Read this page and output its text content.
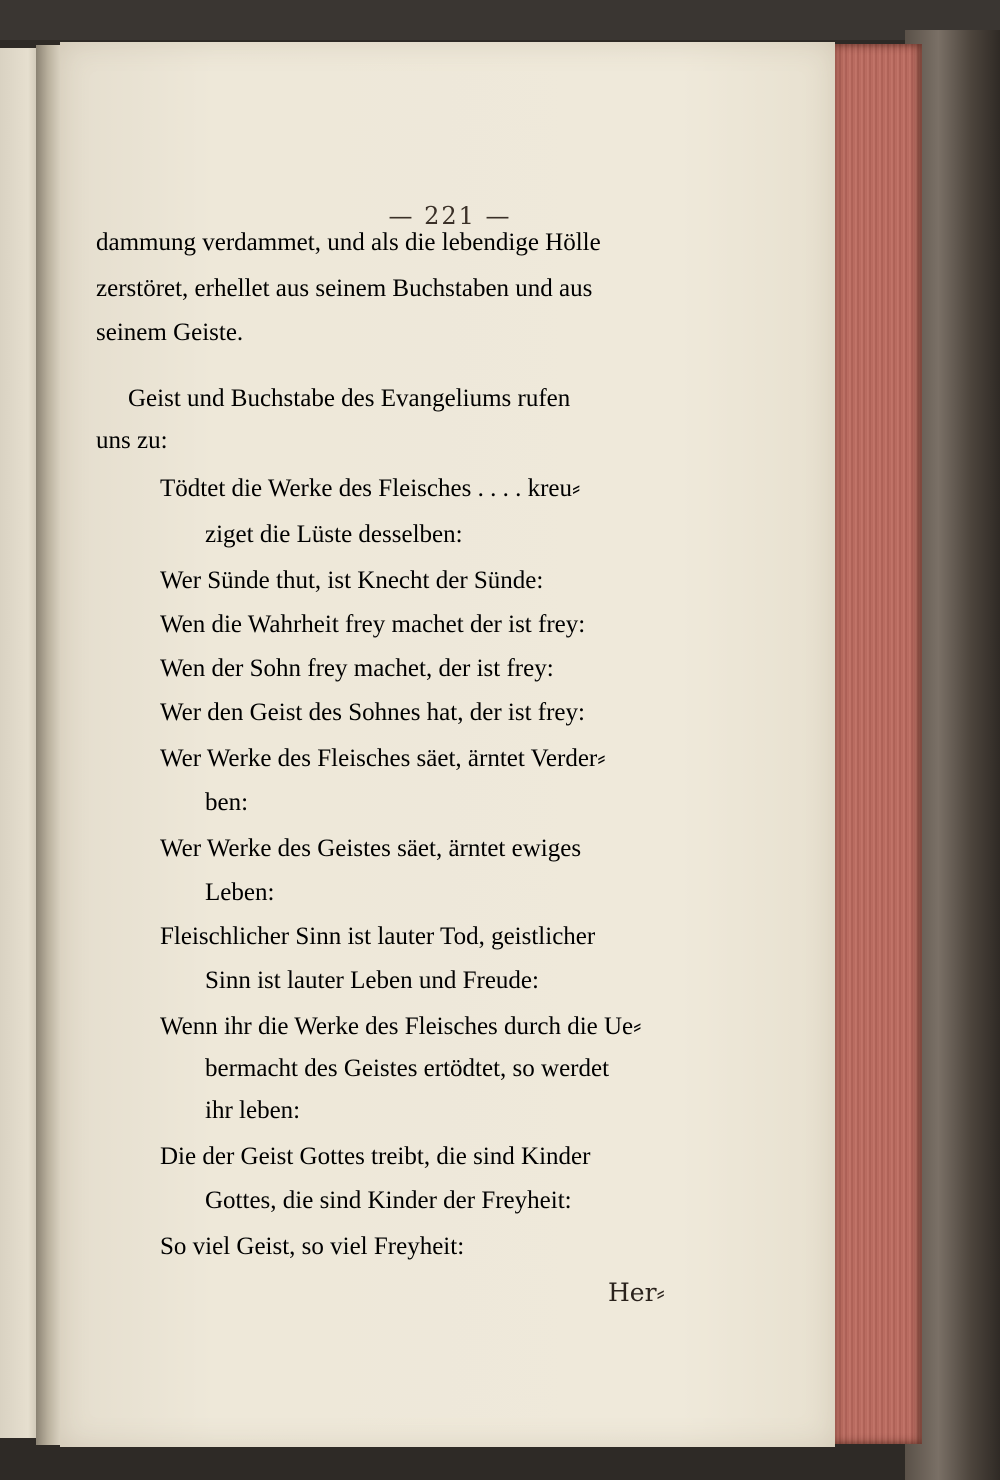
— 221 —
dammung verdammet, und als die lebendige Hölle
zerstöret, erhellet aus seinem Buchstaben und aus
seinem Geiste.
Geist und Buchstabe des Evangeliums rufen
uns zu:
Tödtet die Werke des Fleisches . . . . kreu⸗
ziget die Lüste desselben:
Wer Sünde thut, ist Knecht der Sünde:
Wen die Wahrheit frey machet der ist frey:
Wen der Sohn frey machet, der ist frey:
Wer den Geist des Sohnes hat, der ist frey:
Wer Werke des Fleisches säet, ärntet Verder⸗
ben:
Wer Werke des Geistes säet, ärntet ewiges
Leben:
Fleischlicher Sinn ist lauter Tod, geistlicher
Sinn ist lauter Leben und Freude:
Wenn ihr die Werke des Fleisches durch die Ue⸗
bermacht des Geistes ertödtet, so werdet
ihr leben:
Die der Geist Gottes treibt, die sind Kinder
Gottes, die sind Kinder der Freyheit:
So viel Geist, so viel Freyheit:
Her⸗
